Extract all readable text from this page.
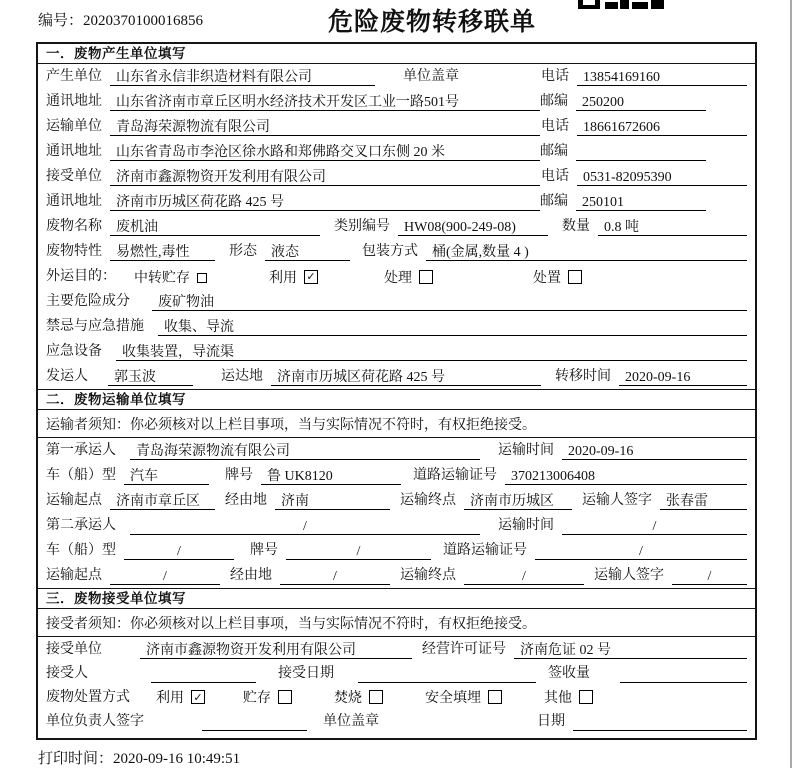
编号：2020370100016856	危险废物转移联单
一．废物产生单位填写
产生单位	山东省永信非织造材料有限公司	单位盖章	电话	13854169160
通讯地址	山东省济南市章丘区明水经济技术开发区工业一路501号	邮编	250200
运输单位	青岛海荣源物流有限公司	电话	18661672606
通讯地址	山东省青岛市李沧区徐水路和郑佛路交叉口东侧 20 米	邮编
接受单位	济南市鑫源物资开发利用有限公司	电话	0531-82095390
通讯地址	济南市历城区荷花路 425 号	邮编	250101
废物名称	废机油	类别编号	HW08(900-249-08)	数量	0.8 吨
废物特性	易燃性,毒性	形态	液态	包装方式	桶(金属,数量 4 )
外运目的： 中转贮存	利用 ✓	处理	处置
主要危险成分	废矿物油
禁忌与应急措施	收集、导流
应急设备	收集装置，导流渠
发运人	郭玉波	运达地	济南市历城区荷花路 425 号	转移时间	2020-09-16
二．废物运输单位填写
运输者须知：你必须核对以上栏目事项，当与实际情况不符时，有权拒绝接受。
第一承运人	青岛海荣源物流有限公司	运输时间	2020-09-16
车（船）型	汽车	牌号	鲁 UK8120	道路运输证号	370213006408
运输起点	济南市章丘区	经由地	济南	运输终点	济南市历城区	运输人签字	张春雷
第二承运人	/	运输时间	/
车（船）型	/	牌号	/	道路运输证号	/
运输起点	/	经由地	/	运输终点	/	运输人签字	/
三．废物接受单位填写
接受者须知：你必须核对以上栏目事项，当与实际情况不符时，有权拒绝接受。
接受单位	济南市鑫源物资开发利用有限公司	经营许可证号	济南危证 02 号
接受人	接受日期	签收量
废物处置方式 利用 ✓	贮存	焚烧	安全填埋	其他
单位负责人签字	单位盖章	日期
打印时间：2020-09-16 10:49:51
